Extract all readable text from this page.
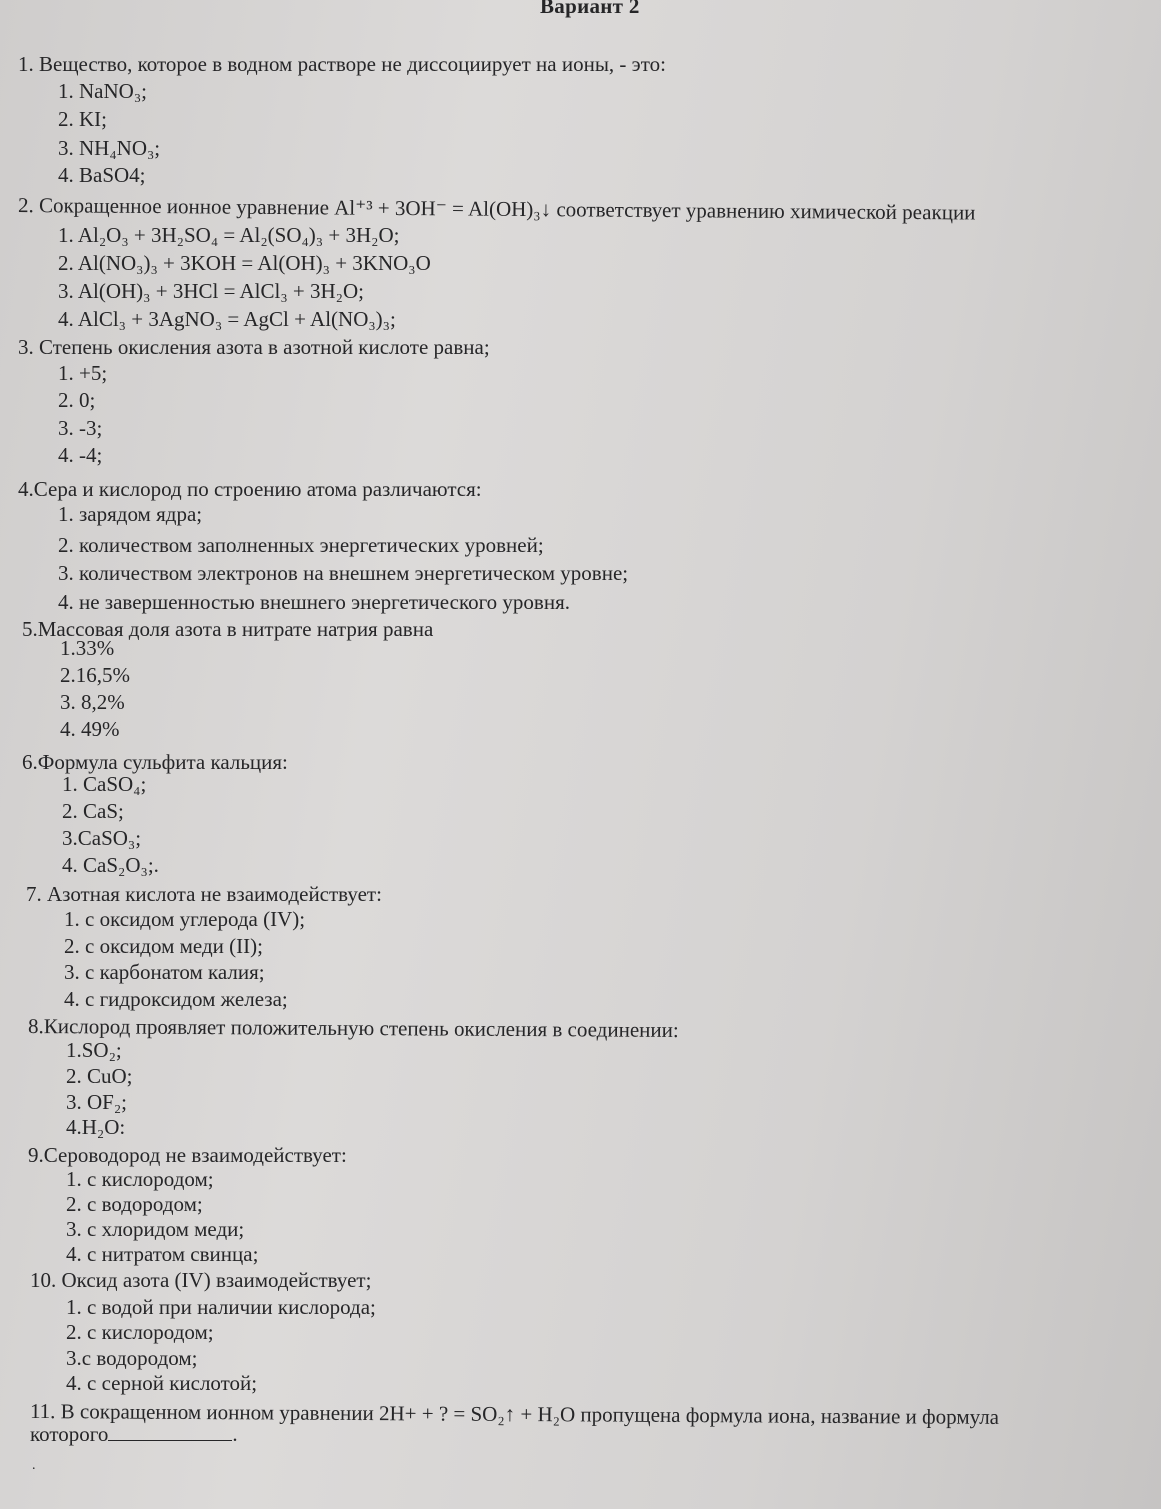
Вариант 2
1. Вещество, которое в водном растворе не диссоциирует на ионы, - это:
1. NaNO₃;
2. KI;
3. NH₄NO₃;
4. BaSO4;
2. Сокращенное ионное уравнение Al⁺³ + 3OH⁻ = Al(OH)₃↓ соответствует уравнению химической реакции
1. Al₂O₃ + 3H₂SO₄ = Al₂(SO₄)₃ + 3H₂O;
2. Al(NO₃)₃ + 3KOH = Al(OH)₃ + 3KNO₃O
3. Al(OH)₃ + 3HCl = AlCl₃ + 3H₂O;
4. AlCl₃ + 3AgNO₃ = AgCl + Al(NO₃)₃;
3. Степень окисления азота в азотной кислоте равна;
1. +5;
2. 0;
3. -3;
4. -4;
4.Сера и кислород по строению атома различаются:
1. зарядом ядра;
2. количеством заполненных энергетических уровней;
3. количеством электронов на внешнем энергетическом уровне;
4. не завершенностью внешнего энергетического уровня.
5.Массовая доля азота в нитрате натрия равна
1.33%
2.16,5%
3. 8,2%
4. 49%
6.Формула сульфита кальция:
1. CaSO₄;
2. CaS;
3.CaSO₃;
4. CaS₂O₃;.
7. Азотная кислота не взаимодействует:
1. с оксидом углерода (IV);
2. с оксидом меди (II);
3. с карбонатом калия;
4. с гидроксидом железа;
8.Кислород проявляет положительную степень окисления в соединении:
1.SO₂;
2. CuO;
3. OF₂;
4.H₂O:
9.Сероводород не взаимодействует:
1. с кислородом;
2. с водородом;
3. с хлоридом меди;
4. с нитратом свинца;
10. Оксид азота (IV) взаимодействует;
1. с водой при наличии кислорода;
2. с кислородом;
3.с водородом;
4. с серной кислотой;
11. В сокращенном ионном уравнении 2H+ + ? = SO₂↑ + H₂O пропущена формула иона, название и формула
которого	.
.
